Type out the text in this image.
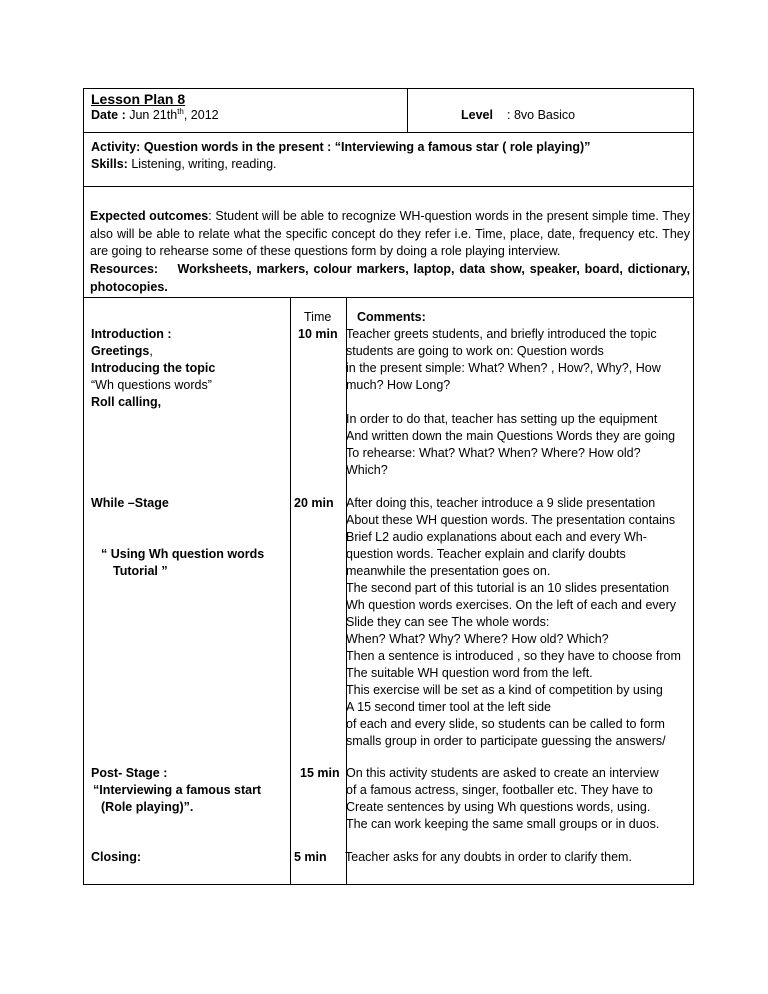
Lesson Plan 8
Date : Jun $21th^{th}$, 2012	Level : 8vo Basico
Activity: Question words in the present : “Interviewing a famous star ( role playing)”
Skills: Listening, writing, reading.
Expected outcomes: Student will be able to recognize WH-question words in the present simple time. They also will be able to relate what the specific concept do they refer i.e. Time, place, date, frequency etc. They are going to rehearse some of these questions form by doing a role playing interview.
Resources: Worksheets, markers, colour markers, laptop, data show, speaker, board, dictionary, photocopies.
Time Comments:
Introduction :
Greetings,
Introducing the topic
“Wh questions words”
Roll calling,
10 min Teacher greets students, and briefly introduced the topic
students are going to work on: Question words
in the present simple: What? When? , How?, Why?, How
much? How Long?
In order to do that, teacher has setting up the equipment
And written down the main Questions Words they are going
To rehearse: What? What? When? Where? How old?
Which?
While –Stage
“ Using Wh question words
Tutorial ”
20 min After doing this, teacher introduce a 9 slide presentation
About these WH question words. The presentation contains
Brief L2 audio explanations about each and every Wh-
question words. Teacher explain and clarify doubts
meanwhile the presentation goes on.
The second part of this tutorial is an 10 slides presentation
Wh question words exercises. On the left of each and every
Slide they can see The whole words:
When? What? Why? Where? How old? Which?
Then a sentence is introduced , so they have to choose from
The suitable WH question word from the left.
This exercise will be set as a kind of competition by using
A 15 second timer tool at the left side
of each and every slide, so students can be called to form
smalls group in order to participate guessing the answers/
Post- Stage :
“Interviewing a famous start
(Role playing)”.
15 min On this activity students are asked to create an interview
of a famous actress, singer, footballer etc. They have to
Create sentences by using Wh questions words, using.
The can work keeping the same small groups or in duos.
Closing:	5 min Teacher asks for any doubts in order to clarify them.
